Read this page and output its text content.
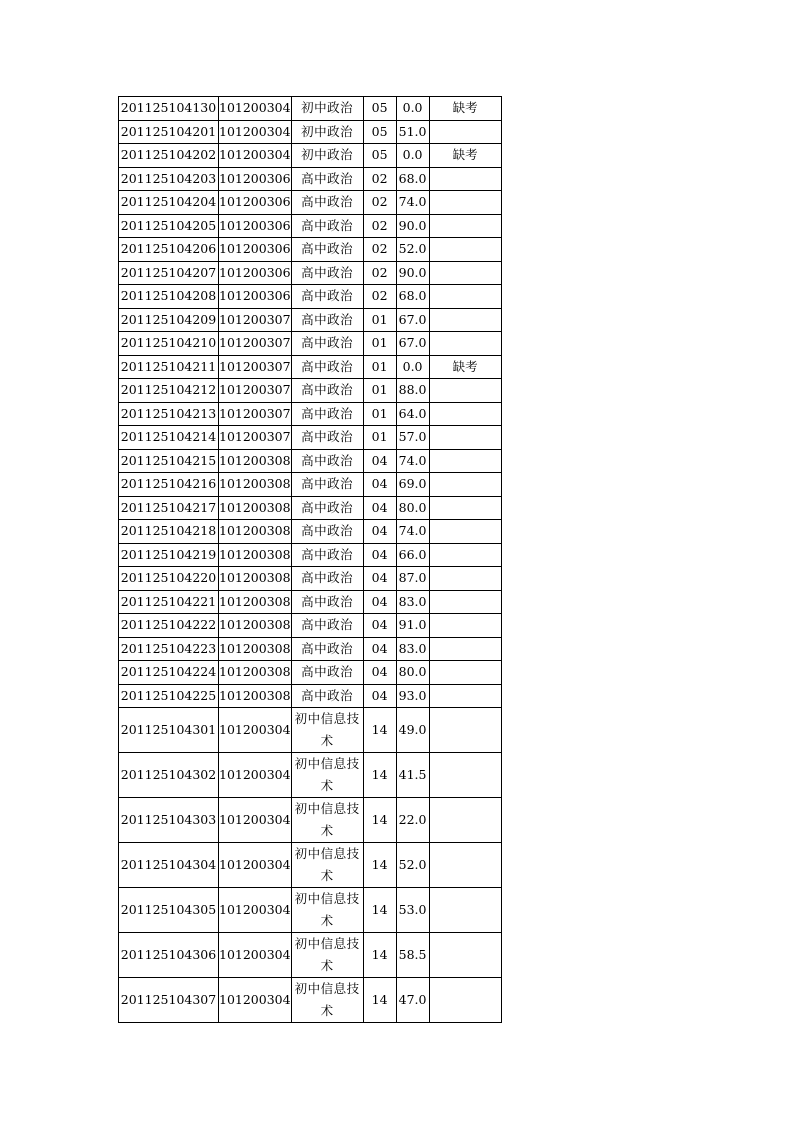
201125104130	101200304	初中政治	05	0.0	缺考
201125104201	101200304	初中政治	05	51.0	
201125104202	101200304	初中政治	05	0.0	缺考
201125104203	101200306	高中政治	02	68.0	
201125104204	101200306	高中政治	02	74.0	
201125104205	101200306	高中政治	02	90.0	
201125104206	101200306	高中政治	02	52.0	
201125104207	101200306	高中政治	02	90.0	
201125104208	101200306	高中政治	02	68.0	
201125104209	101200307	高中政治	01	67.0	
201125104210	101200307	高中政治	01	67.0	
201125104211	101200307	高中政治	01	0.0	缺考
201125104212	101200307	高中政治	01	88.0	
201125104213	101200307	高中政治	01	64.0	
201125104214	101200307	高中政治	01	57.0	
201125104215	101200308	高中政治	04	74.0	
201125104216	101200308	高中政治	04	69.0	
201125104217	101200308	高中政治	04	80.0	
201125104218	101200308	高中政治	04	74.0	
201125104219	101200308	高中政治	04	66.0	
201125104220	101200308	高中政治	04	87.0	
201125104221	101200308	高中政治	04	83.0	
201125104222	101200308	高中政治	04	91.0	
201125104223	101200308	高中政治	04	83.0	
201125104224	101200308	高中政治	04	80.0	
201125104225	101200308	高中政治	04	93.0	
201125104301	101200304	初中信息技术	14	49.0	
201125104302	101200304	初中信息技术	14	41.5	
201125104303	101200304	初中信息技术	14	22.0	
201125104304	101200304	初中信息技术	14	52.0	
201125104305	101200304	初中信息技术	14	53.0	
201125104306	101200304	初中信息技术	14	58.5	
201125104307	101200304	初中信息技术	14	47.0	
